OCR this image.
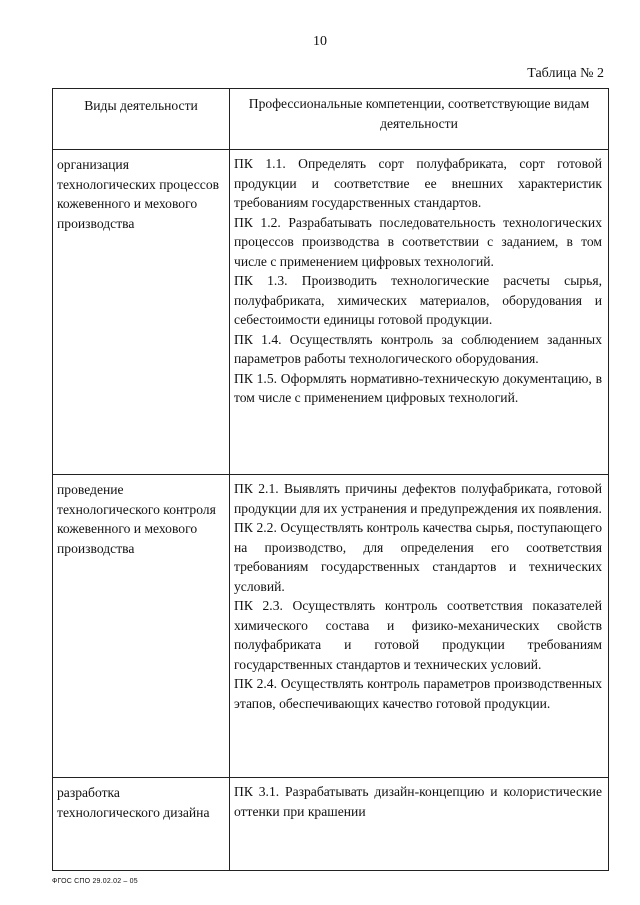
10
Таблица № 2
Виды деятельности	Профессиональные компетенции, соответствующие видам деятельности
организация технологических процессов кожевенного и мехового производства	ПК 1.1. Определять сорт полуфабриката, сорт готовой продукции и соответствие ее внешних характеристик требованиям государственных стандартов.

ПК 1.2. Разрабатывать последовательность технологических процессов производства в соответствии с заданием, в том числе с применением цифровых технологий.

ПК 1.3. Производить технологические расчеты сырья, полуфабриката, химических материалов, оборудования и себестоимости единицы готовой продукции.

ПК 1.4. Осуществлять контроль за соблюдением заданных параметров работы технологического оборудования.

ПК 1.5. Оформлять нормативно-техническую документацию, в том числе с применением цифровых технологий.

проведение технологического контроля кожевенного и мехового производства	ПК 2.1. Выявлять причины дефектов полуфабриката, готовой продукции для их устранения и предупреждения их появления.

ПК 2.2. Осуществлять контроль качества сырья, поступающего на производство, для определения его соответствия требованиям государственных стандартов и технических условий.

ПК 2.3. Осуществлять контроль соответствия показателей химического состава и физико-механических свойств полуфабриката и готовой продукции требованиям государственных стандартов и технических условий.

ПК 2.4. Осуществлять контроль параметров производственных этапов, обеспечивающих качество готовой продукции.

разработка технологического дизайна	ПК 3.1. Разрабатывать дизайн-концепцию и колористические оттенки при крашении

ФГОС СПО 29.02.02 – 05
